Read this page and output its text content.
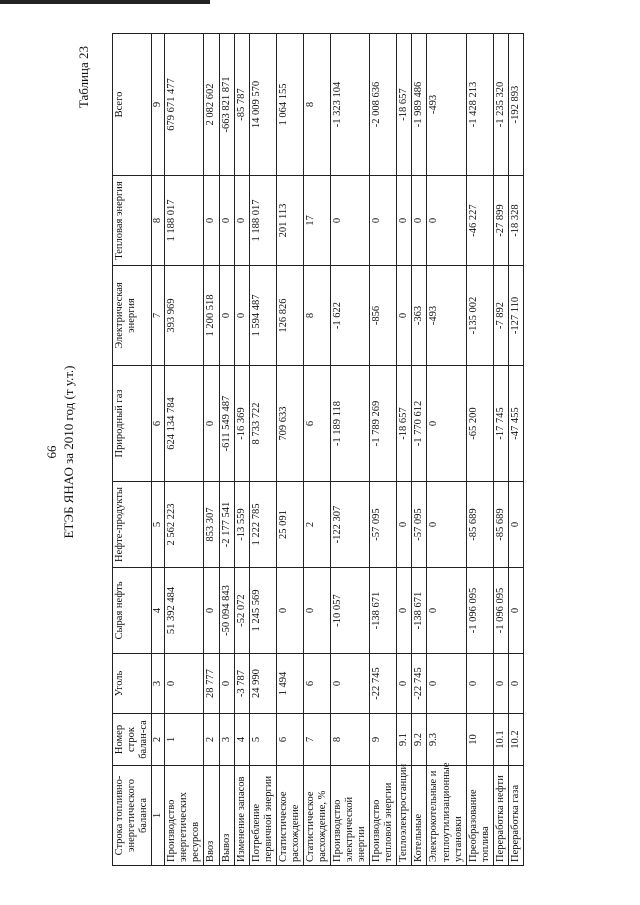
66 ЕТЭБ ЯНАО за 2010 год (т у.т.)
Таблица 23
Строка топливно-энергетического баланса	Номер строк балан-са	Уголь	Сырая нефть	Нефте-продукты	Природный газ	Электрическая энергия	Тепловая энергия	Всего
1	2	3	4	5	6	7	8	9
Производство энергетических ресурсов	1	0	51 392 484	2 562 223	624 134 784	393 969	1 188 017	679 671 477
Ввоз	2	28 777	0	853 307	0	1 200 518	0	2 082 602
Вывоз	3	0	-50 094 843	-2 177 541	-611 549 487	0	0	-663 821 871
Изменение запасов	4	-3 787	-52 072	-13 559	-16 369	0	0	-85 787
Потребление первичной энергии	5	24 990	1 245 569	1 222 785	8 733 722	1 594 487	1 188 017	14 009 570
Статистическое расхождение	6	1 494	0	25 091	709 633	126 826	201 113	1 064 155
Статистическое расхождение, %	7	6	0	2	6	8	17	8
Производство электрической энергии	8	0	-10 057	-122 307	-1 189 118	-1 622	0	-1 323 104
Производство тепловой энергии	9	-22 745	-138 671	-57 095	-1 789 269	-856	0	-2 008 636
Теплоэлектростанции	9.1	0	0	0	-18 657	0	0	-18 657
Котельные	9.2	-22 745	-138 671	-57 095	-1 770 612	-363	0	-1 989 486
Электрокотельные и теплоутилизационные установки	9.3	0	0	0	0	-493	0	-493
Преобразование топлива	10	0	-1 096 095	-85 689	-65 200	-135 002	-46 227	-1 428 213
Переработка нефти	10.1	0	-1 096 095	-85 689	-17 745	-7 892	-27 899	-1 235 320
Переработка газа	10.2	0	0	0	-47 455	-127 110	-18 328	-192 893
